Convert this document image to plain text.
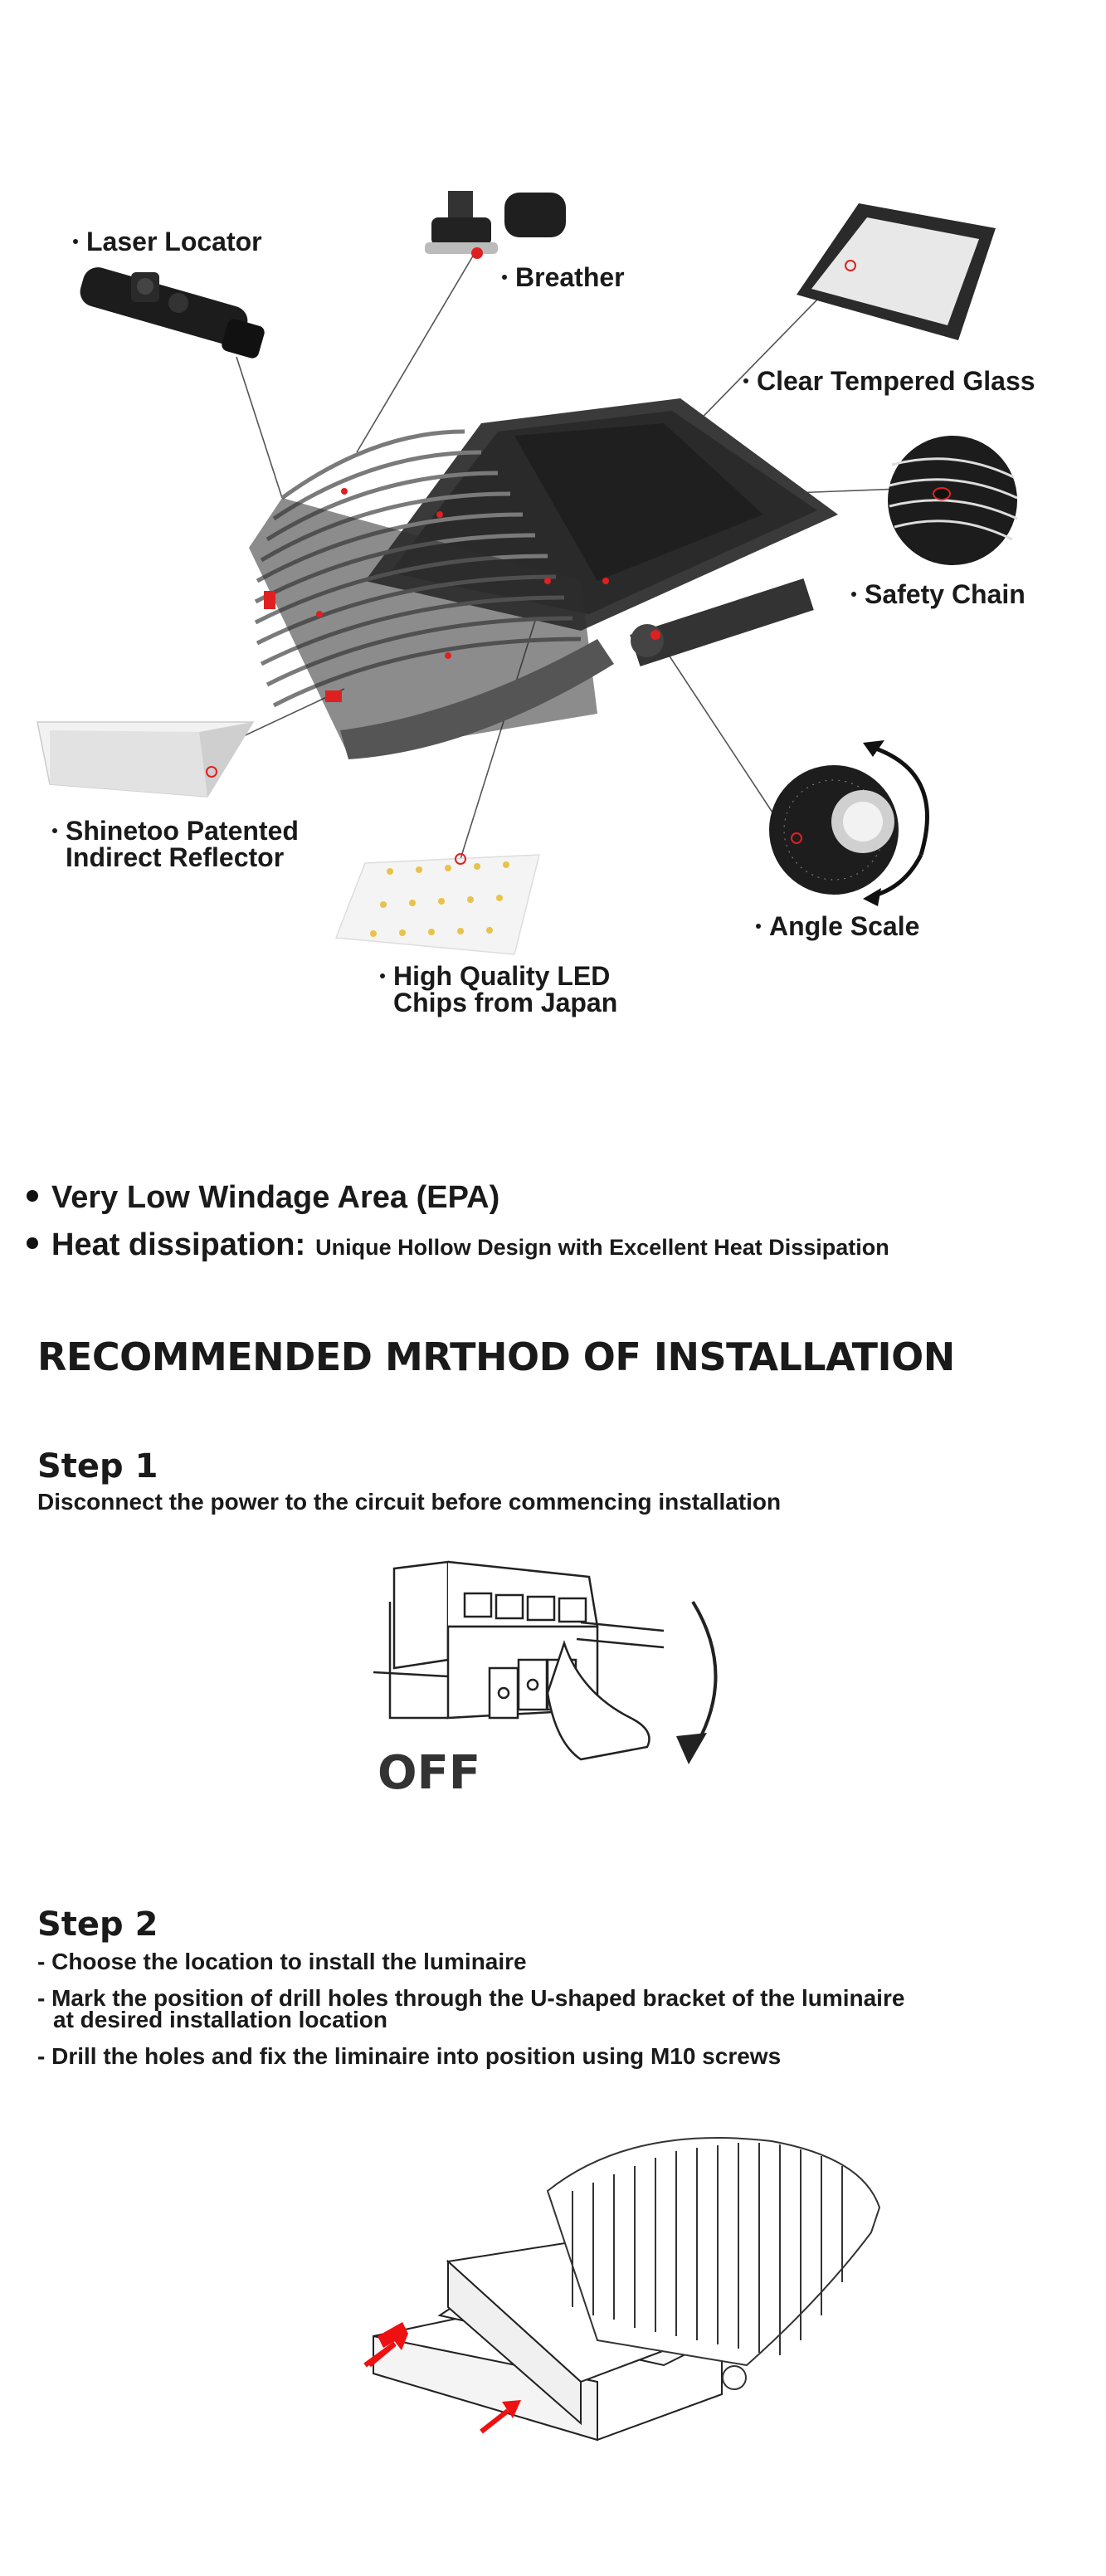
Laser Locator
Breather
Clear Tempered Glass
Safety Chain
Shinetoo Patented
Indirect Reflector
Angle Scale
High Quality LED
Chips from Japan
Very Low Windage Area (EPA)
Heat dissipation: Unique Hollow Design with Excellent Heat Dissipation
RECOMMENDED MRTHOD OF INSTALLATION
Step 1
Disconnect the power to the circuit before commencing installation
OFF
Step 2
- Choose the location to install the luminaire
- Mark the position of drill holes through the U-shaped bracket of the luminaire
at desired installation location
- Drill the holes and fix the liminaire into position using M10 screws
